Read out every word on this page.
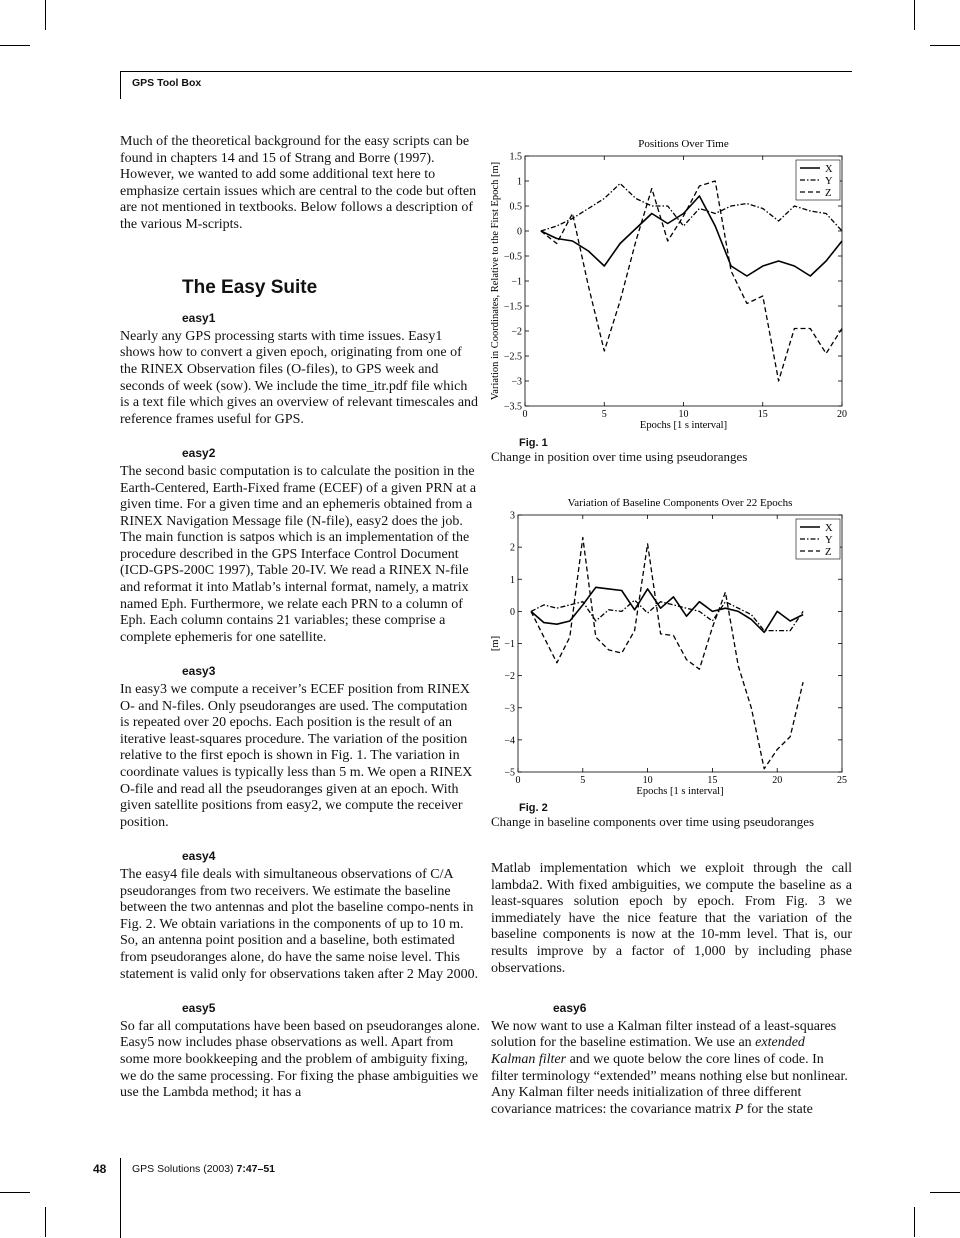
GPS Tool Box

Much of the theoretical background for the easy scripts can be found in chapters 14 and 15 of Strang and Borre (1997). However, we wanted to add some additional text here to emphasize certain issues which are central to the code but often are not mentioned in textbooks. Below follows a description of the various M-scripts.

The Easy Suite
easy1

Nearly any GPS processing starts with time issues. Easy1 shows how to convert a given epoch, originating from one of the RINEX Observation files (O-files), to GPS week and seconds of week (sow). We include the time_itr.pdf file which is a text file which gives an overview of relevant timescales and reference frames useful for GPS.

easy2

The second basic computation is to calculate the position in the Earth-Centered, Earth-Fixed frame (ECEF) of a given PRN at a given time. For a given time and an ephemeris obtained from a RINEX Navigation Message file (N-file), easy2 does the job. The main function is satpos which is an implementation of the procedure described in the GPS Interface Control Document (ICD-GPS-200C 1997), Table 20-IV. We read a RINEX N-file and reformat it into Matlab’s internal format, namely, a matrix named Eph. Furthermore, we relate each PRN to a column of Eph. Each column contains 21 variables; these comprise a complete ephemeris for one satellite.

easy3

In easy3 we compute a receiver’s ECEF position from RINEX O- and N-files. Only pseudoranges are used. The computation is repeated over 20 epochs. Each position is the result of an iterative least-squares procedure. The variation of the position relative to the first epoch is shown in Fig. 1. The variation in coordinate values is typically less than 5 m. We open a RINEX O-file and read all the pseudoranges given at an epoch. With given satellite positions from easy2, we compute the receiver position.

easy4

The easy4 file deals with simultaneous observations of C/A pseudoranges from two receivers. We estimate the baseline between the two antennas and plot the baseline compo-nents in Fig. 2. We obtain variations in the components of up to 10 m. So, an antenna point position and a baseline, both estimated from pseudoranges alone, do have the same noise level. This statement is valid only for observations taken after 2 May 2000.

easy5

So far all computations have been based on pseudoranges alone. Easy5 now includes phase observations as well. Apart from some more bookkeeping and the problem of ambiguity fixing, we do the same processing. For fixing the phase ambiguities we use the Lambda method; it has a

Positions Over Time
0	5	10	15	20
1.5
1
0.5
0
−0.5
−1
−1.5
−2
−2.5
−3
−3.5
Epochs [1 s interval]
Variation in Coordinates, Relative to the First Epoch [m]	X
Y
Z
Fig. 1
Change in position over time using pseudoranges
Variation of Baseline Components Over 22 Epochs
0	5	10	15	20	25
3
2
1
0
−1
−2
−3
−4
−5
Epochs [1 s interval]
[m]
X
Y
Z
Fig. 2
Change in baseline components over time using pseudoranges

Matlab implementation which we exploit through the call lambda2. With fixed ambiguities, we compute the baseline as a least-squares solution epoch by epoch. From Fig. 3 we immediately have the nice feature that the variation of the baseline components is now at the 10-mm level. That is, our results improve by a factor of 1,000 by including phase observations.

easy6

We now want to use a Kalman filter instead of a least-squares solution for the baseline estimation. We use an extended Kalman filter and we quote below the core lines of code. In filter terminology “extended” means nothing else but nonlinear.

Any Kalman filter needs initialization of three different covariance matrices: the covariance matrix P for the state

48 GPS Solutions (2003) 7:47–51
